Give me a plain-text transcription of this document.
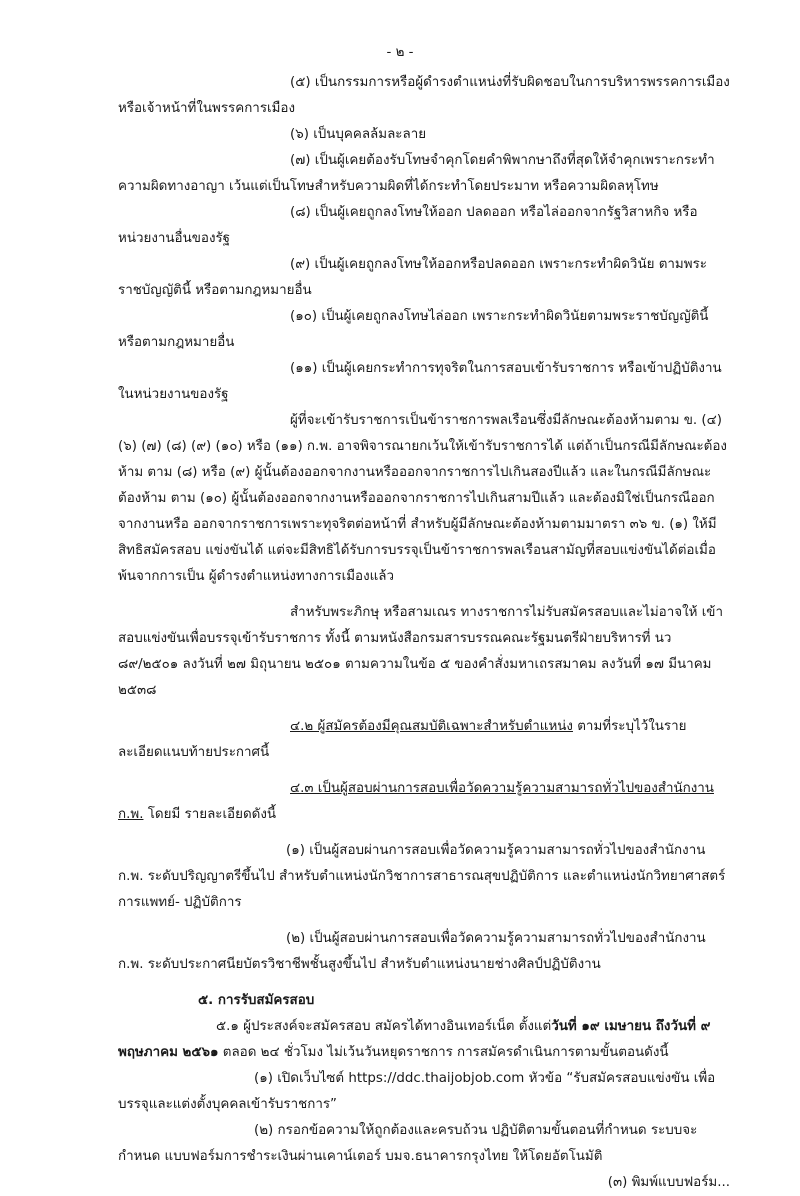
- ๒ -

(๕) เป็นกรรมการหรือผู้ดำรงตำแหน่งที่รับผิดชอบในการบริหารพรรคการเมือง หรือเจ้าหน้าที่ในพรรคการเมือง

(๖) เป็นบุคคลล้มละลาย

(๗) เป็นผู้เคยต้องรับโทษจำคุกโดยคำพิพากษาถึงที่สุดให้จำคุกเพราะกระทำความผิดทางอาญา เว้นแต่เป็นโทษสำหรับความผิดที่ได้กระทำโดยประมาท หรือความผิดลหุโทษ

(๘) เป็นผู้เคยถูกลงโทษให้ออก ปลดออก หรือไล่ออกจากรัฐวิสาหกิจ หรือหน่วยงานอื่นของรัฐ

(๙) เป็นผู้เคยถูกลงโทษให้ออกหรือปลดออก เพราะกระทำผิดวินัย ตามพระราชบัญญัตินี้ หรือตามกฎหมายอื่น

(๑๐) เป็นผู้เคยถูกลงโทษไล่ออก เพราะกระทำผิดวินัยตามพระราชบัญญัตินี้ หรือตามกฎหมายอื่น

(๑๑) เป็นผู้เคยกระทำการทุจริตในการสอบเข้ารับราชการ หรือเข้าปฏิบัติงาน ในหน่วยงานของรัฐ

ผู้ที่จะเข้ารับราชการเป็นข้าราชการพลเรือนซึ่งมีลักษณะต้องห้ามตาม ข. (๔) (๖) (๗) (๘) (๙) (๑๐) หรือ (๑๑) ก.พ. อาจพิจารณายกเว้นให้เข้ารับราชการได้ แต่ถ้าเป็นกรณีมีลักษณะต้องห้าม ตาม (๘) หรือ (๙) ผู้นั้นต้องออกจากงานหรือออกจากราชการไปเกินสองปีแล้ว และในกรณีมีลักษณะต้องห้าม ตาม (๑๐) ผู้นั้นต้องออกจากงานหรือออกจากราชการไปเกินสามปีแล้ว และต้องมิใช่เป็นกรณีออกจากงานหรือ ออกจากราชการเพราะทุจริตต่อหน้าที่ สำหรับผู้มีลักษณะต้องห้ามตามมาตรา ๓๖ ข. (๑) ให้มีสิทธิสมัครสอบ แข่งขันได้ แต่จะมีสิทธิได้รับการบรรจุเป็นข้าราชการพลเรือนสามัญที่สอบแข่งขันได้ต่อเมื่อพ้นจากการเป็น ผู้ดำรงตำแหน่งทางการเมืองแล้ว

สำหรับพระภิกษุ หรือสามเณร ทางราชการไม่รับสมัครสอบและไม่อาจให้ เข้าสอบแข่งขันเพื่อบรรจุเข้ารับราชการ ทั้งนี้ ตามหนังสือกรมสารบรรณคณะรัฐมนตรีฝ่ายบริหารที่ นว ๘๙/๒๕๐๑ ลงวันที่ ๒๗ มิถุนายน ๒๕๐๑ ตามความในข้อ ๕ ของคำสั่งมหาเถรสมาคม ลงวันที่ ๑๗ มีนาคม ๒๕๓๘

๔.๒ ผู้สมัครต้องมีคุณสมบัติเฉพาะสำหรับตำแหน่ง ตามที่ระบุไว้ในรายละเอียดแนบท้ายประกาศนี้

๔.๓ เป็นผู้สอบผ่านการสอบเพื่อวัดความรู้ความสามารถทั่วไปของสำนักงาน ก.พ. โดยมี รายละเอียดดังนี้

(๑) เป็นผู้สอบผ่านการสอบเพื่อวัดความรู้ความสามารถทั่วไปของสำนักงาน ก.พ. ระดับปริญญาตรีขึ้นไป สำหรับตำแหน่งนักวิชาการสาธารณสุขปฏิบัติการ และตำแหน่งนักวิทยาศาสตร์การแพทย์- ปฏิบัติการ

(๒) เป็นผู้สอบผ่านการสอบเพื่อวัดความรู้ความสามารถทั่วไปของสำนักงาน ก.พ. ระดับประกาศนียบัตรวิชาชีพชั้นสูงขึ้นไป สำหรับตำแหน่งนายช่างศิลป์ปฏิบัติงาน

๕. การรับสมัครสอบ

๕.๑ ผู้ประสงค์จะสมัครสอบ สมัครได้ทางอินเทอร์เน็ต ตั้งแต่วันที่ ๑๙ เมษายน ถึงวันที่ ๙ พฤษภาคม ๒๕๖๑ ตลอด ๒๔ ชั่วโมง ไม่เว้นวันหยุดราชการ การสมัครดำเนินการตามขั้นตอนดังนี้

(๑) เปิดเว็บไซต์ https://ddc.thaijobjob.com หัวข้อ “รับสมัครสอบแข่งขัน เพื่อบรรจุและแต่งตั้งบุคคลเข้ารับราชการ”

(๒) กรอกข้อความให้ถูกต้องและครบถ้วน ปฏิบัติตามขั้นตอนที่กำหนด ระบบจะกำหนด แบบฟอร์มการชำระเงินผ่านเคาน์เตอร์ บมจ.ธนาคารกรุงไทย ให้โดยอัตโนมัติ

(๓) พิมพ์แบบฟอร์ม...
